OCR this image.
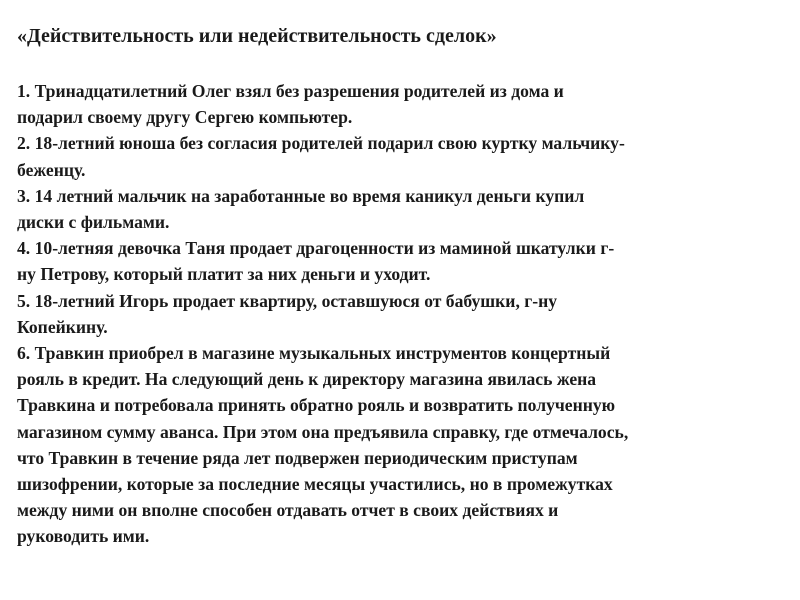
«Действительность или недействительность сделок»
1. Тринадцатилетний Олег взял без разрешения родителей из дома и
подарил своему другу Сергею компьютер.
2. 18-летний юноша без согласия родителей подарил свою куртку мальчику-
беженцу.
3. 14 летний мальчик на заработанные во время каникул деньги купил
диски с фильмами.
4. 10-летняя девочка Таня продает драгоценности из маминой шкатулки г-
ну Петрову, который платит за них деньги и уходит.
5. 18-летний Игорь продает квартиру, оставшуюся от бабушки, г-ну
Копейкину.
6. Травкин приобрел в магазине музыкальных инструментов концертный
рояль в кредит. На следующий день к директору магазина явилась жена
Травкина и потребовала принять обратно рояль и возвратить полученную
магазином сумму аванса. При этом она предъявила справку, где отмечалось,
что Травкин в течение ряда лет подвержен периодическим приступам
шизофрении, которые за последние месяцы участились, но в промежутках
между ними он вполне способен отдавать отчет в своих действиях и
руководить ими.
